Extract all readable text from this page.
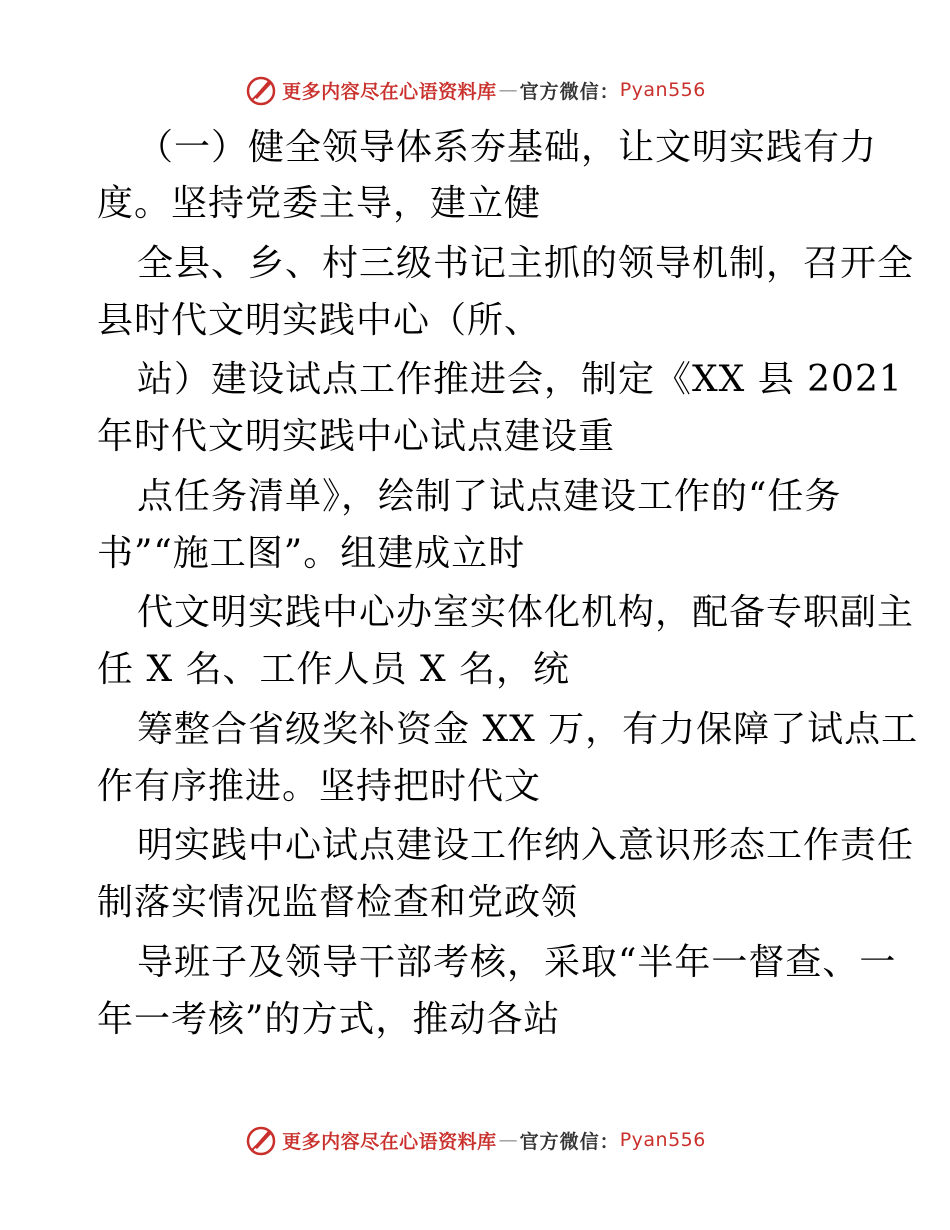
更多内容尽在心语资料库 — 官方微信： Pyan556
（一）健全领导体系夯基础，让文明实践有力
度。坚持党委主导，建立健
全县、乡、村三级书记主抓的领导机制，召开全
县时代文明实践中心（所、
站）建设试点工作推进会，制定《XX 县 2021
年时代文明实践中心试点建设重
点任务清单》，绘制了试点建设工作的“任务
书”“施工图”。组建成立时
代文明实践中心办室实体化机构，配备专职副主
任 X 名、工作人员 X 名，统
筹整合省级奖补资金 XX 万，有力保障了试点工
作有序推进。坚持把时代文
明实践中心试点建设工作纳入意识形态工作责任
制落实情况监督检查和党政领
导班子及领导干部考核，采取“半年一督查、一
年一考核”的方式，推动各站
更多内容尽在心语资料库 — 官方微信： Pyan556
